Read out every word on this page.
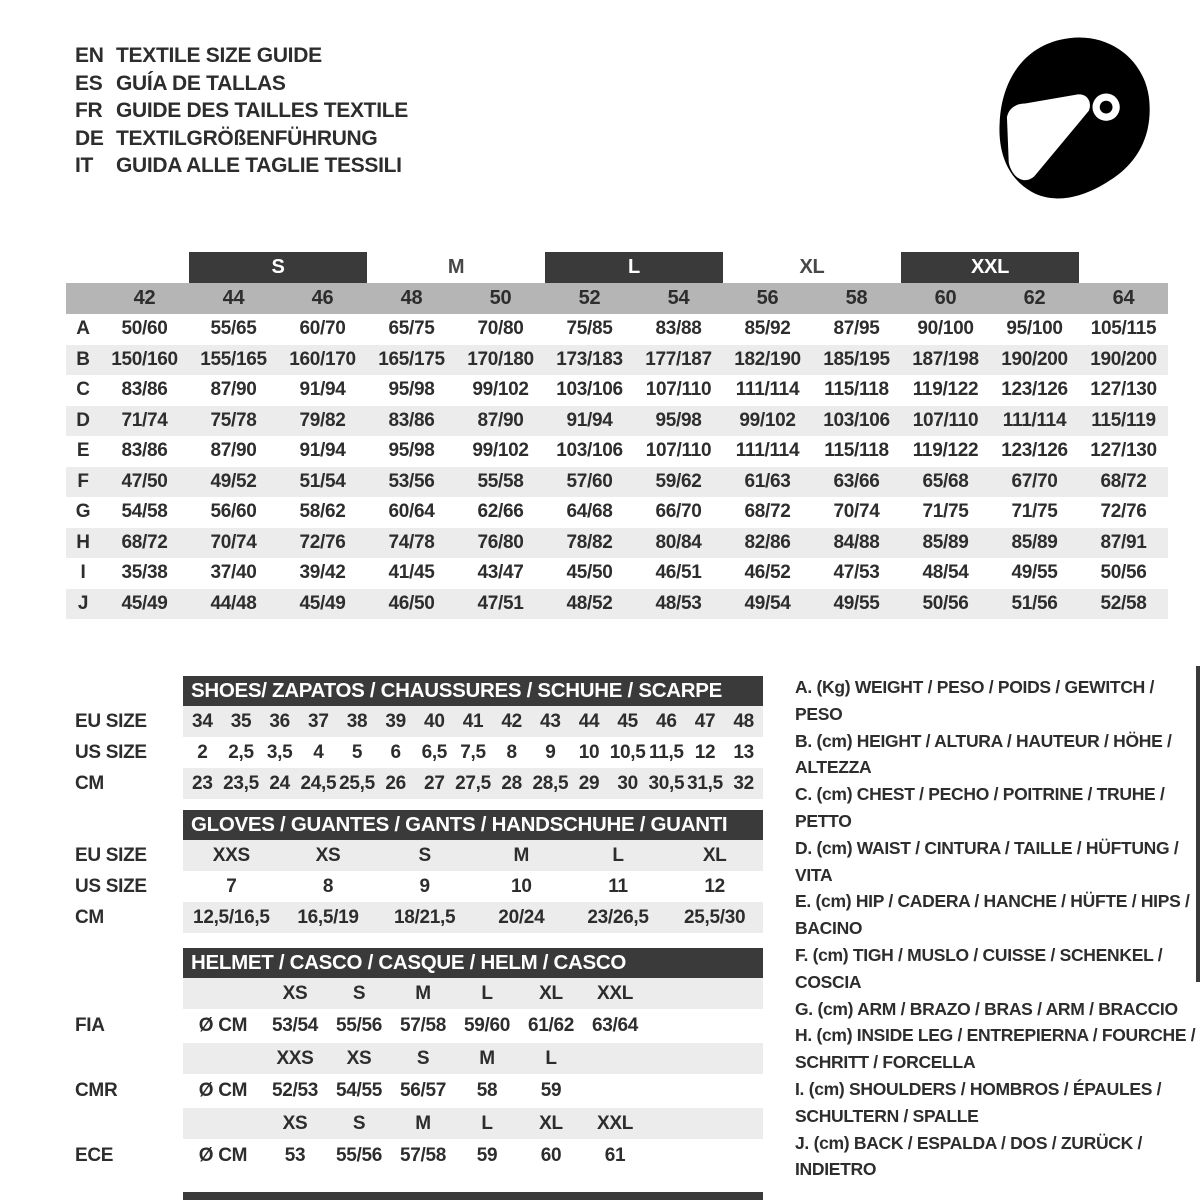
EN TEXTILE SIZE GUIDE
ES GUÍA DE TALLAS
FR GUIDE DES TAILLES TEXTILE
DE TEXTILGRÖßENFÜHRUNG
IT	GUIDA ALLE TAGLIE TESSILI
S	M	L	XL	XXL
42	44	46	48	50	52	54	56	58	60	62	64
A	50/60	55/65	60/70	65/75	70/80	75/85	83/88	85/92	87/95	90/100	95/100	105/115
B	150/160	155/165	160/170	165/175	170/180	173/183	177/187	182/190	185/195	187/198	190/200	190/200
C	83/86	87/90	91/94	95/98	99/102	103/106	107/110	111/114	115/118	119/122	123/126	127/130
D	71/74	75/78	79/82	83/86	87/90	91/94	95/98	99/102	103/106	107/110	111/114	115/119
E	83/86	87/90	91/94	95/98	99/102	103/106	107/110	111/114	115/118	119/122	123/126	127/130
F	47/50	49/52	51/54	53/56	55/58	57/60	59/62	61/63	63/66	65/68	67/70	68/72
G	54/58	56/60	58/62	60/64	62/66	64/68	66/70	68/72	70/74	71/75	71/75	72/76
H	68/72	70/74	72/76	74/78	76/80	78/82	80/84	82/86	84/88	85/89	85/89	87/91
I	35/38	37/40	39/42	41/45	43/47	45/50	46/51	46/52	47/53	48/54	49/55	50/56
J	45/49	44/48	45/49	46/50	47/51	48/52	48/53	49/54	49/55	50/56	51/56	52/58
SHOES/ ZAPATOS / CHAUSSURES / SCHUHE / SCARPE
EU SIZE	34 35 36 37 38 39 40 41 42 43 44 45 46 47 48
US SIZE	2	2,5 3,5	4	5	6	6,5 7,5	8	9	10 10,5 11,5 12 13
CM	23 23,5 24 24,5 25,5 26 27 27,5 28 28,5 29 30 30,5 31,5 32
GLOVES / GUANTES / GANTS / HANDSCHUHE / GUANTI
EU SIZE	XXS	XS	S	M	L	XL
US SIZE	7	8	9	10	11	12
CM	12,5/16,5	16,5/19	18/21,5	20/24	23/26,5	25,5/30
HELMET / CASCO / CASQUE / HELM / CASCO
XS	S	M	L	XL	XXL
FIA	Ø CM	53/54 55/56 57/58 59/60 61/62 63/64
XXS	XS	S	M	L
CMR	Ø CM	52/53 54/55 56/57	58	59
XS	S	M	L	XL	XXL
ECE	Ø CM	53	55/56 57/58	59	60	61
A. (Kg) WEIGHT / PESO / POIDS / GEWITCH / PESO
B. (cm) HEIGHT / ALTURA / HAUTEUR / HÖHE / ALTEZZA
C. (cm) CHEST / PECHO / POITRINE / TRUHE / PETTO
D. (cm) WAIST / CINTURA / TAILLE / HÜFTUNG / VITA
E. (cm) HIP / CADERA / HANCHE / HÜFTE / HIPS / BACINO
F. (cm) TIGH / MUSLO / CUISSE / SCHENKEL / COSCIA
G. (cm) ARM / BRAZO / BRAS / ARM / BRACCIO
H. (cm) INSIDE LEG / ENTREPIERNA / FOURCHE / SCHRITT / FORCELLA
I. (cm) SHOULDERS / HOMBROS / ÉPAULES / SCHULTERN / SPALLE
J. (cm) BACK / ESPALDA / DOS / ZURÜCK / INDIETRO
